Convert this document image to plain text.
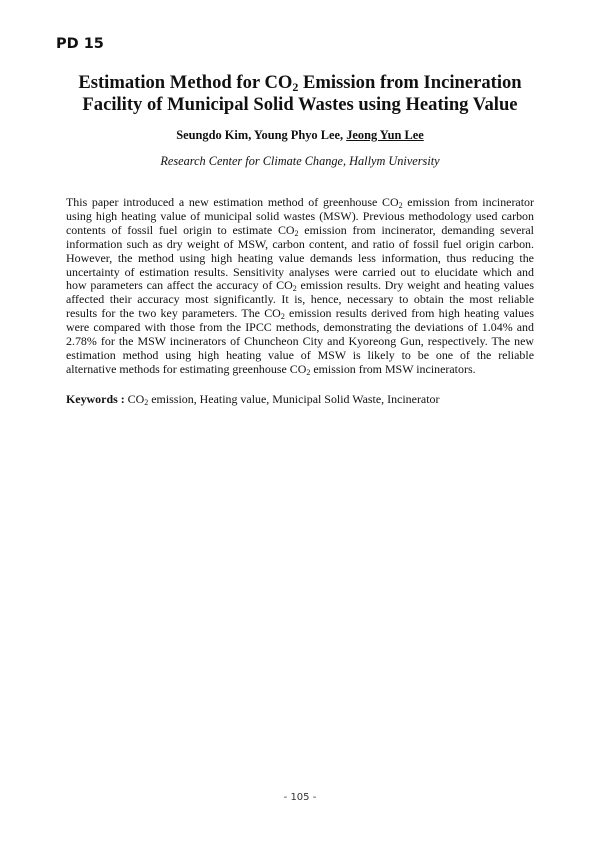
PD 15
Estimation Method for $CO_2$ Emission from Incineration
Facility of Municipal Solid Wastes using Heating Value
Seungdo Kim, Young Phyo Lee, Jeong Yun Lee
Research Center for Climate Change, Hallym University
This paper introduced a new estimation method of greenhouse $CO_2$ emission from incinerator
using high heating value of municipal solid wastes (MSW). Previous methodology used carbon
contents of fossil fuel origin to estimate $CO_2$ emission from incinerator, demanding several
information such as dry weight of MSW, carbon content, and ratio of fossil fuel origin carbon.
However, the method using high heating value demands less information, thus reducing the
uncertainty of estimation results. Sensitivity analyses were carried out to elucidate which and
how parameters can affect the accuracy of $CO_2$ emission results. Dry weight and heating values
affected their accuracy most significantly. It is, hence, necessary to obtain the most reliable
results for the two key parameters. The $CO_2$ emission results derived from high heating values
were compared with those from the IPCC methods, demonstrating the deviations of 1.04% and
2.78% for the MSW incinerators of Chuncheon City and Kyoreong Gun, respectively. The new
estimation method using high heating value of MSW is likely to be one of the reliable
alternative methods for estimating greenhouse $CO_2$ emission from MSW incinerators.
Keywords : $CO_2$ emission, Heating value, Municipal Solid Waste, Incinerator
- 105 -
